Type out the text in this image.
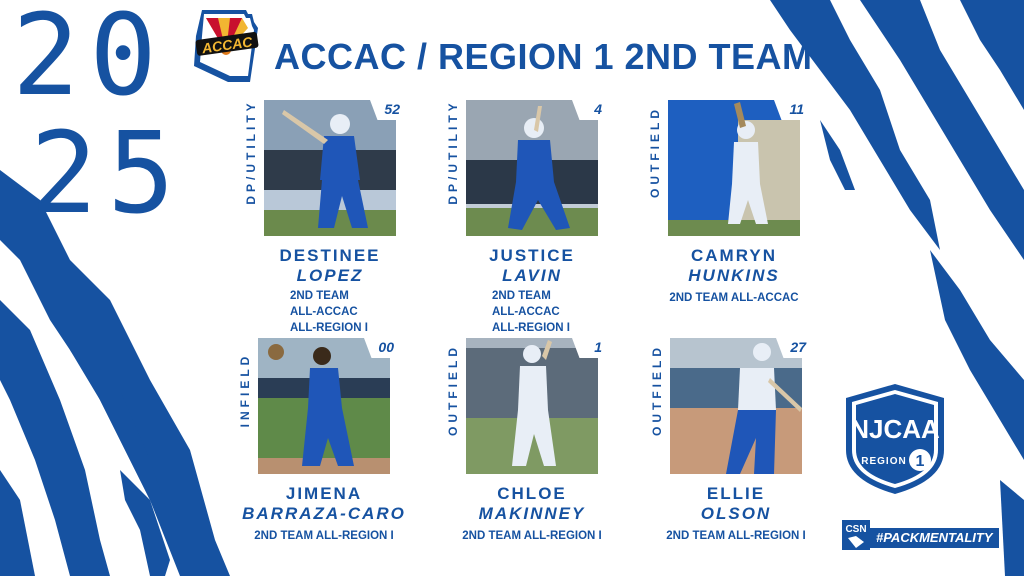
20
25
ACCAC ACCAC / REGION 1 2ND TEAM
52
DP/UTILITY
DESTINEE
LOPEZ
2ND TEAM
ALL-ACCAC
ALL-REGION I
4
DP/UTILITY
JUSTICE
LAVIN
2ND TEAM
ALL-ACCAC
ALL-REGION I
11
OUTFIELD
CAMRYN
HUNKINS
2ND TEAM ALL-ACCAC
00
INFIELD
JIMENA
BARRAZA-CARO
2ND TEAM ALL-REGION I
1
OUTFIELD
CHLOE
MAKINNEY
2ND TEAM ALL-REGION I
27
OUTFIELD
ELLIE
OLSON
2ND TEAM ALL-REGION I
NJCAA
REGION 1
CSN
#PACKMENTALITY
